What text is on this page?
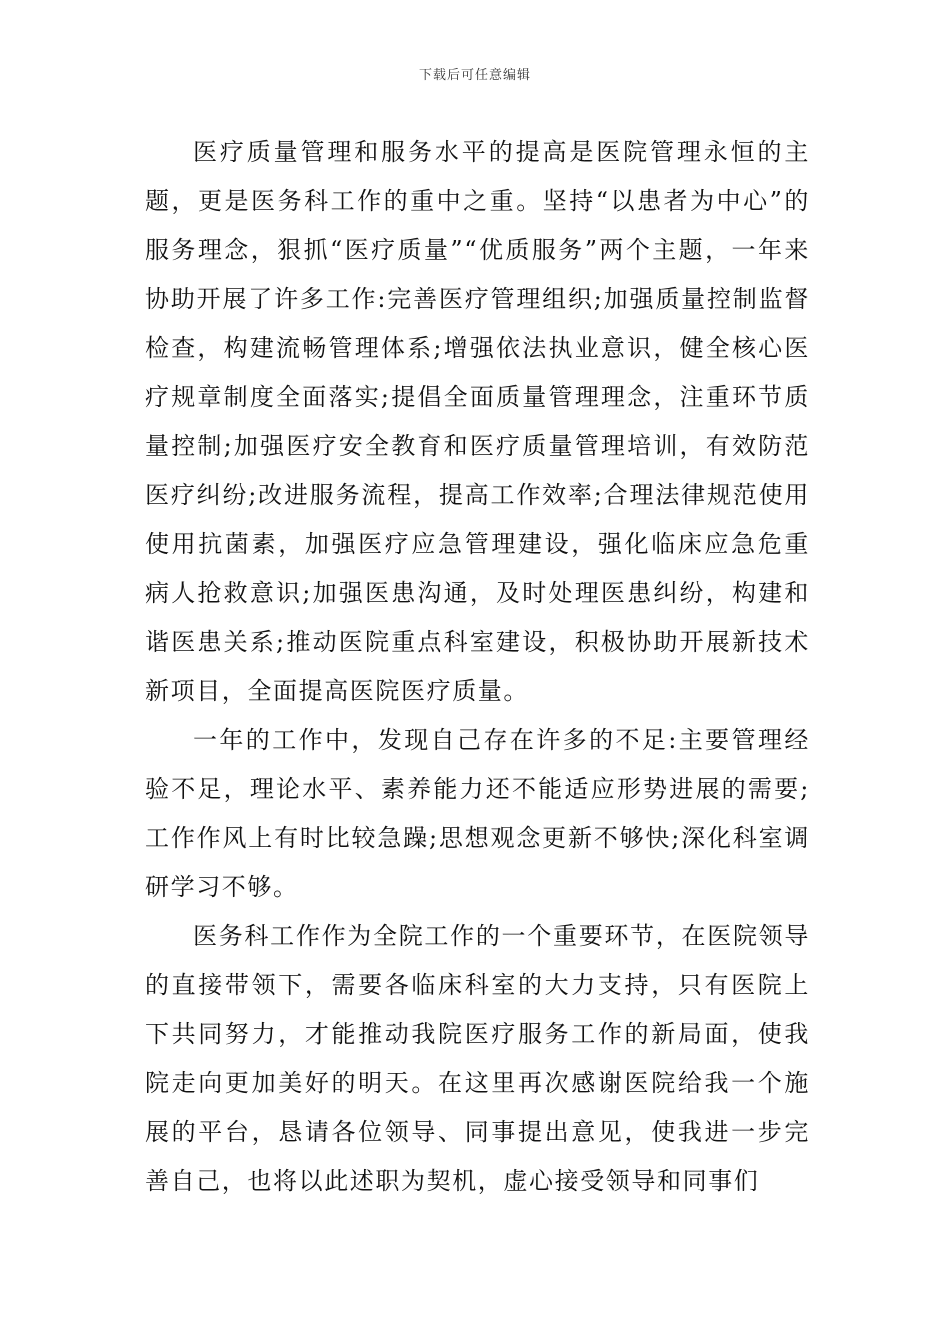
下载后可任意编辑

医疗质量管理和服务水平的提高是医院管理永恒的主题，更是医务科工作的重中之重。坚持“以患者为中心”的服务理念，狠抓“医疗质量”“优质服务”两个主题，一年来协助开展了许多工作:完善医疗管理组织;加强质量控制监督检查，构建流畅管理体系;增强依法执业意识，健全核心医疗规章制度全面落实;提倡全面质量管理理念，注重环节质量控制;加强医疗安全教育和医疗质量管理培训，有效防范医疗纠纷;改进服务流程，提高工作效率;合理法律规范使用使用抗菌素，加强医疗应急管理建设，强化临床应急危重病人抢救意识;加强医患沟通，及时处理医患纠纷，构建和谐医患关系;推动医院重点科室建设，积极协助开展新技术新项目，全面提高医院医疗质量。

一年的工作中，发现自己存在许多的不足:主要管理经验不足，理论水平、素养能力还不能适应形势进展的需要;工作作风上有时比较急躁;思想观念更新不够快;深化科室调研学习不够。

医务科工作作为全院工作的一个重要环节，在医院领导的直接带领下，需要各临床科室的大力支持，只有医院上下共同努力，才能推动我院医疗服务工作的新局面，使我院走向更加美好的明天。在这里再次感谢医院给我一个施展的平台，恳请各位领导、同事提出意见，使我进一步完善自己，也将以此述职为契机，虚心接受领导和同事们
